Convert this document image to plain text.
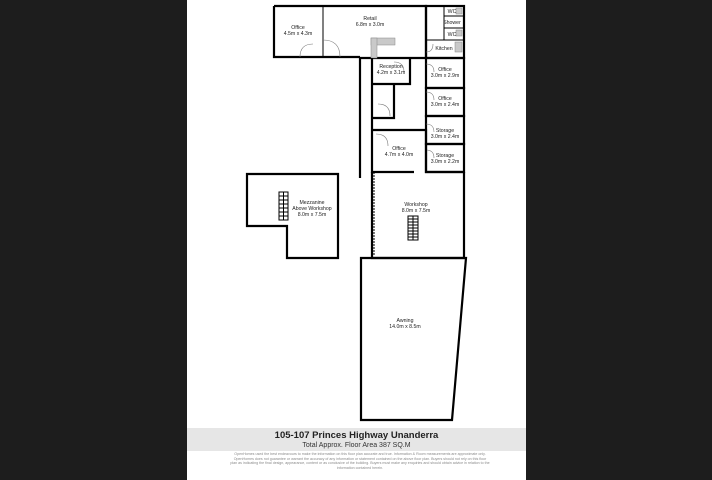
Office
4.5m x 4.3m
Retail
6.8m x 3.0m
WC
Shower
WC
Kitchen
Reception
4.2m x 3.1m	Office
3.0m x 2.9m
Office
3.0m x 2.4m
Storage
3.0m x 2.4m
Storage
3.0m x 2.2m
Office
4.7m x 4.0m
Workshop
8.0m x 7.5m
Mezzanine
Above Workshop
8.0m x 7.5m
Awning
14.0m x 8.5m
105-107 Princes Highway Unanderra
Total Approx. Floor Area 387 SQ.M
OpenHomes used the best endeavours to make the information on this floor plan accurate and true. Information & Room measurements are approximate only. OpenHomes does not guarantee or warrant the accuracy of any information or statement contained on the above floor plan. Buyers should not rely on this floor plan as indicating the final design, appearance, content or as conclusive of the building. Buyers must make any enquiries and should obtain advice in relation to the information contained herein.
